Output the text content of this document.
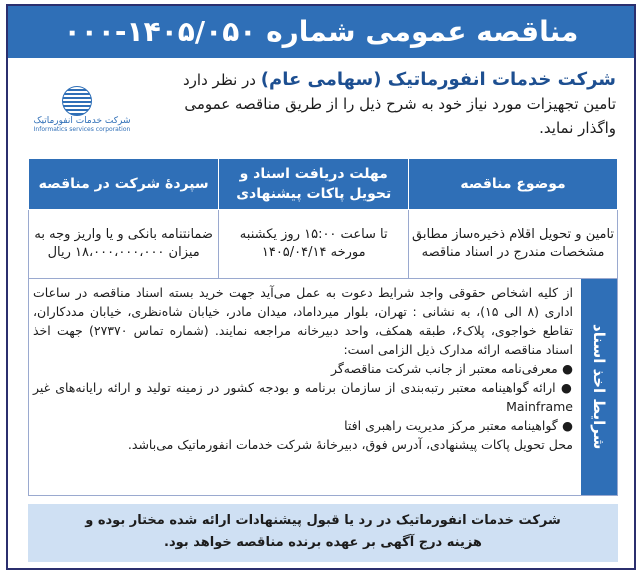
مناقصه عمومی شماره ۱۴۰۵/۰۵۰-۰۰۰
شرکت خدمات انفورماتیک
Informatics services corporation
شرکت خدمات انفورماتیک (سهامی عام) در نظر دارد تامین تجهیزات مورد نیاز خود به شرح ذیل را از طریق مناقصه عمومی واگذار نماید.
موضوع مناقصه	مهلت دریافت اسناد و تحویل پاکات پیشنهادی	سپردهٔ شرکت در مناقصه
تامین و تحویل اقلام ذخیره‌ساز مطابق مشخصات مندرج در اسناد مناقصه	تا ساعت ۱۵:۰۰ روز یکشنبه مورخه ۱۴۰۵/۰۴/۱۴	ضمانتنامه بانکی و یا واریز وجه به میزان ۱۸،۰۰۰،۰۰۰،۰۰۰ ریال
شرایط اخذ اسناد

از کلیه اشخاص حقوقی واجد شرایط دعوت به عمل می‌آید جهت خرید بسته اسناد مناقصه در ساعات اداری (۸ الی ۱۵)، به نشانی : تهران، بلوار میرداماد، میدان مادر، خیابان شاه‌نظری، خیابان مددکاران، تقاطع خواجوی، پلاک۶، طبقه همکف، واحد دبیرخانه مراجعه نمایند. (شماره تماس ۲۷۳۷۰) جهت اخذ اسناد مناقصه ارائه مدارک ذیل الزامی است:

● معرفی‌نامه معتبر از جانب شرکت مناقصه‌گر

● ارائه گواهینامه معتبر رتبه‌بندی از سازمان برنامه و بودجه کشور در زمینه تولید و ارائه رایانه‌های غیر Mainframe

● گواهینامه معتبر مرکز مدیریت راهبری افتا

محل تحویل پاکات پیشنهادی، آدرس فوق، دبیرخانهٔ شرکت خدمات انفورماتیک می‌باشد.

شرکت خدمات انفورماتیک در رد یا قبول پیشنهادات ارائه شده مختار بوده و
هزینه درج آگهی بر عهده برنده مناقصه خواهد بود.
